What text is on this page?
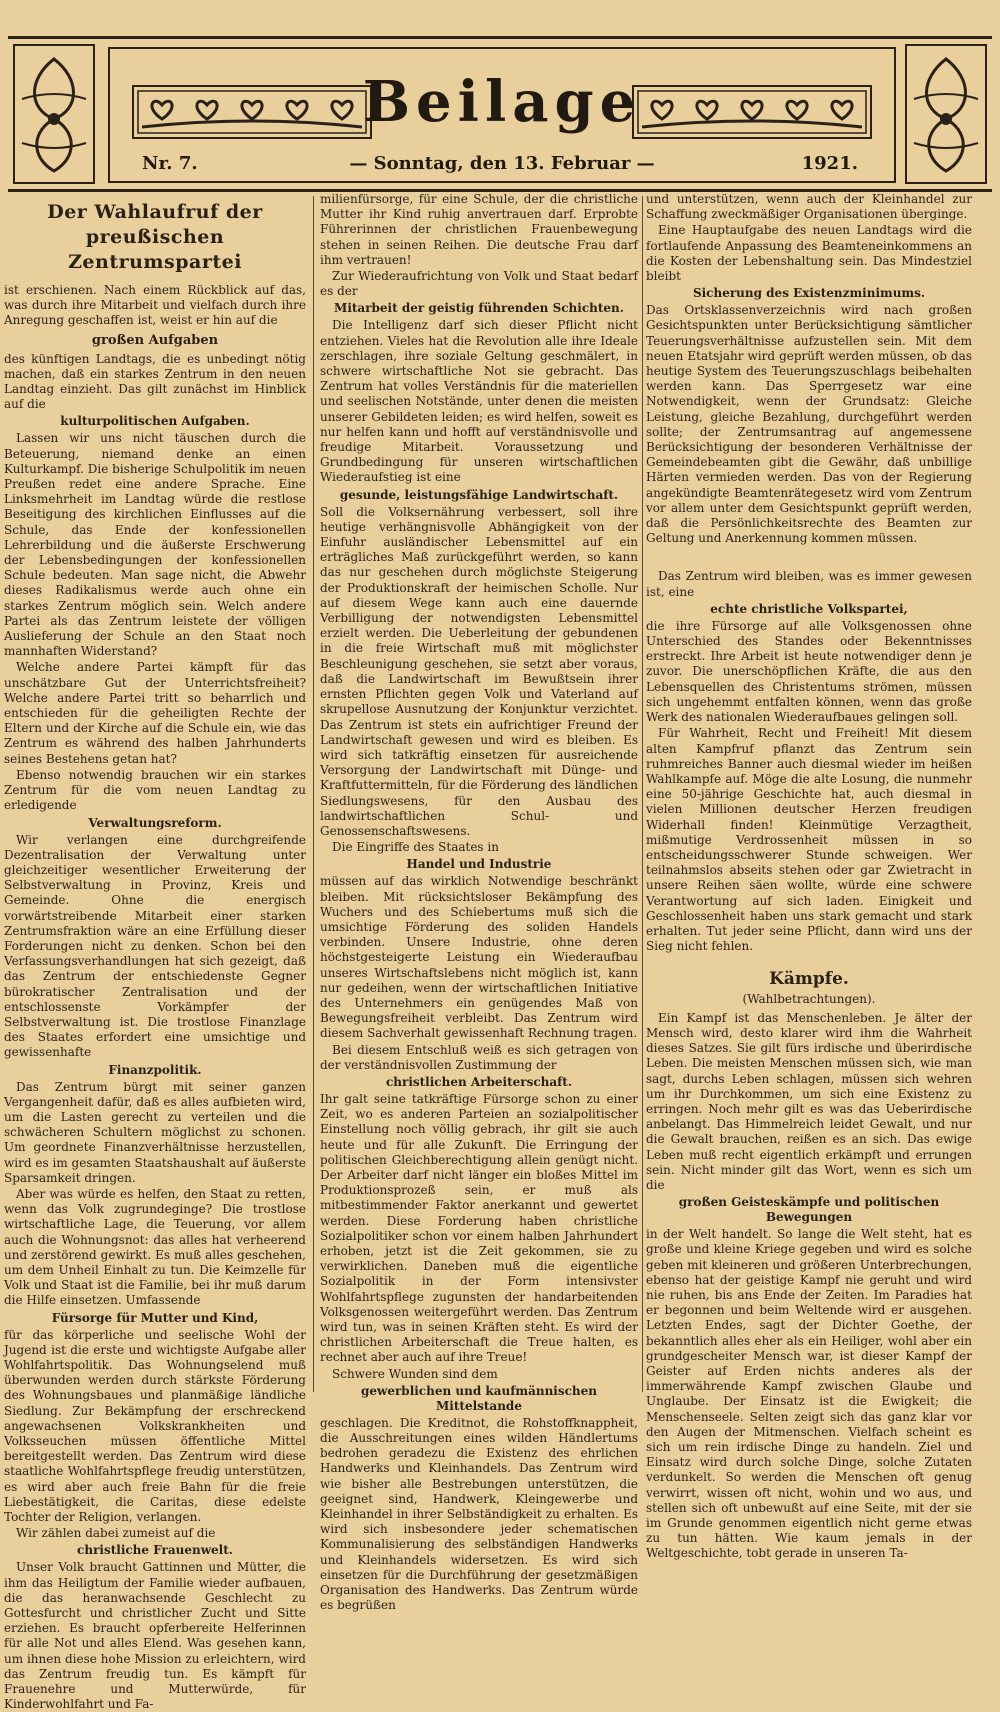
Beilage
Nr. 7.	— Sonntag, den 13. Februar —	1921.
Der Wahlaufruf der preußischen Zentrumspartei

ist erschienen. Nach einem Rückblick auf das, was durch ihre Mitarbeit und vielfach durch ihre Anregung geschaffen ist, weist er hin auf die

großen Aufgaben

des künftigen Landtags, die es unbedingt nötig machen, daß ein starkes Zentrum in den neuen Landtag einzieht. Das gilt zunächst im Hinblick auf die

kulturpolitischen Aufgaben.

Lassen wir uns nicht täuschen durch die Beteuerung, niemand denke an einen Kulturkampf. Die bisherige Schulpolitik im neuen Preußen redet eine andere Sprache. Eine Linksmehrheit im Landtag würde die restlose Beseitigung des kirchlichen Einflusses auf die Schule, das Ende der konfessionellen Lehrerbildung und die äußerste Erschwerung der Lebensbedingungen der konfessionellen Schule bedeuten. Man sage nicht, die Abwehr dieses Radikalismus werde auch ohne ein starkes Zentrum möglich sein. Welch andere Partei als das Zentrum leistete der völligen Auslieferung der Schule an den Staat noch mannhaften Widerstand?

Welche andere Partei kämpft für das unschätzbare Gut der Unterrichtsfreiheit? Welche andere Partei tritt so beharrlich und entschieden für die geheiligten Rechte der Eltern und der Kirche auf die Schule ein, wie das Zentrum es während des halben Jahrhunderts seines Bestehens getan hat?

Ebenso notwendig brauchen wir ein starkes Zentrum für die vom neuen Landtag zu erledigende

Verwaltungsreform.

Wir verlangen eine durchgreifende Dezentralisation der Verwaltung unter gleichzeitiger wesentlicher Erweiterung der Selbstverwaltung in Provinz, Kreis und Gemeinde. Ohne die energisch vorwärtstreibende Mitarbeit einer starken Zentrumsfraktion wäre an eine Erfüllung dieser Forderungen nicht zu denken. Schon bei den Verfassungsverhandlungen hat sich gezeigt, daß das Zentrum der entschiedenste Gegner bürokratischer Zentralisation und der entschlossenste Vorkämpfer der Selbstverwaltung ist. Die trostlose Finanzlage des Staates erfordert eine umsichtige und gewissenhafte

Finanzpolitik.

Das Zentrum bürgt mit seiner ganzen Vergangenheit dafür, daß es alles aufbieten wird, um die Lasten gerecht zu verteilen und die schwächeren Schultern möglichst zu schonen. Um geordnete Finanzverhältnisse herzustellen, wird es im gesamten Staatshaushalt auf äußerste Sparsamkeit dringen.

Aber was würde es helfen, den Staat zu retten, wenn das Volk zugrundeginge? Die trostlose wirtschaftliche Lage, die Teuerung, vor allem auch die Wohnungsnot: das alles hat verheerend und zerstörend gewirkt. Es muß alles geschehen, um dem Unheil Einhalt zu tun. Die Keimzelle für Volk und Staat ist die Familie, bei ihr muß darum die Hilfe einsetzen. Umfassende

Fürsorge für Mutter und Kind,

für das körperliche und seelische Wohl der Jugend ist die erste und wichtigste Aufgabe aller Wohlfahrtspolitik. Das Wohnungselend muß überwunden werden durch stärkste Förderung des Wohnungsbaues und planmäßige ländliche Siedlung. Zur Bekämpfung der erschreckend angewachsenen Volkskrankheiten und Volksseuchen müssen öffentliche Mittel bereitgestellt werden. Das Zentrum wird diese staatliche Wohlfahrtspflege freudig unterstützen, es wird aber auch freie Bahn für die freie Liebestätigkeit, die Caritas, diese edelste Tochter der Religion, verlangen.

Wir zählen dabei zumeist auf die

christliche Frauenwelt.

Unser Volk braucht Gattinnen und Mütter, die ihm das Heiligtum der Familie wieder aufbauen, die das heranwachsende Geschlecht zu Gottesfurcht und christlicher Zucht und Sitte erziehen. Es braucht opferbereite Helferinnen für alle Not und alles Elend. Was gesehen kann, um ihnen diese hohe Mission zu erleichtern, wird das Zentrum freudig tun. Es kämpft für Frauenehre und Mutterwürde, für Kinderwohlfahrt und Fa-

milienfürsorge, für eine Schule, der die christliche Mutter ihr Kind ruhig anvertrauen darf. Erprobte Führerinnen der christlichen Frauenbewegung stehen in seinen Reihen. Die deutsche Frau darf ihm vertrauen!

Zur Wiederaufrichtung von Volk und Staat bedarf es der

Mitarbeit der geistig führenden Schichten.

Die Intelligenz darf sich dieser Pflicht nicht entziehen. Vieles hat die Revolution alle ihre Ideale zerschlagen, ihre soziale Geltung geschmälert, in schwere wirtschaftliche Not sie gebracht. Das Zentrum hat volles Verständnis für die materiellen und seelischen Notstände, unter denen die meisten unserer Gebildeten leiden; es wird helfen, soweit es nur helfen kann und hofft auf verständnisvolle und freudige Mitarbeit. Voraussetzung und Grundbedingung für unseren wirtschaftlichen Wiederaufstieg ist eine

gesunde, leistungsfähige Landwirtschaft.

Soll die Volksernährung verbessert, soll ihre heutige verhängnisvolle Abhängigkeit von der Einfuhr ausländischer Lebensmittel auf ein erträgliches Maß zurückgeführt werden, so kann das nur geschehen durch möglichste Steigerung der Produktionskraft der heimischen Scholle. Nur auf diesem Wege kann auch eine dauernde Verbilligung der notwendigsten Lebensmittel erzielt werden. Die Ueberleitung der gebundenen in die freie Wirtschaft muß mit möglichster Beschleunigung geschehen, sie setzt aber voraus, daß die Landwirtschaft im Bewußtsein ihrer ernsten Pflichten gegen Volk und Vaterland auf skrupellose Ausnutzung der Konjunktur verzichtet. Das Zentrum ist stets ein aufrichtiger Freund der Landwirtschaft gewesen und wird es bleiben. Es wird sich tatkräftig einsetzen für ausreichende Versorgung der Landwirtschaft mit Dünge- und Kraftfuttermitteln, für die Förderung des ländlichen Siedlungswesens, für den Ausbau des landwirtschaftlichen Schul- und Genossenschaftswesens.

Die Eingriffe des Staates in

Handel und Industrie

müssen auf das wirklich Notwendige beschränkt bleiben. Mit rücksichtsloser Bekämpfung des Wuchers und des Schiebertums muß sich die umsichtige Förderung des soliden Handels verbinden. Unsere Industrie, ohne deren höchstgesteigerte Leistung ein Wiederaufbau unseres Wirtschaftslebens nicht möglich ist, kann nur gedeihen, wenn der wirtschaftlichen Initiative des Unternehmers ein genügendes Maß von Bewegungsfreiheit verbleibt. Das Zentrum wird diesem Sachverhalt gewissenhaft Rechnung tragen.

Bei diesem Entschluß weiß es sich getragen von der verständnisvollen Zustimmung der

christlichen Arbeiterschaft.

Ihr galt seine tatkräftige Fürsorge schon zu einer Zeit, wo es anderen Parteien an sozialpolitischer Einstellung noch völlig gebrach, ihr gilt sie auch heute und für alle Zukunft. Die Erringung der politischen Gleichberechtigung allein genügt nicht. Der Arbeiter darf nicht länger ein bloßes Mittel im Produktionsprozeß sein, er muß als mitbestimmender Faktor anerkannt und gewertet werden. Diese Forderung haben christliche Sozialpolitiker schon vor einem halben Jahrhundert erhoben, jetzt ist die Zeit gekommen, sie zu verwirklichen. Daneben muß die eigentliche Sozialpolitik in der Form intensivster Wohlfahrtspflege zugunsten der handarbeitenden Volksgenossen weitergeführt werden. Das Zentrum wird tun, was in seinen Kräften steht. Es wird der christlichen Arbeiterschaft die Treue halten, es rechnet aber auch auf ihre Treue!

Schwere Wunden sind dem

gewerblichen und kaufmännischen Mittelstande

geschlagen. Die Kreditnot, die Rohstoffknappheit, die Ausschreitungen eines wilden Händlertums bedrohen geradezu die Existenz des ehrlichen Handwerks und Kleinhandels. Das Zentrum wird wie bisher alle Bestrebungen unterstützen, die geeignet sind, Handwerk, Kleingewerbe und Kleinhandel in ihrer Selbständigkeit zu erhalten. Es wird sich insbesondere jeder schematischen Kommunalisierung des selbständigen Handwerks und Kleinhandels widersetzen. Es wird sich einsetzen für die Durchführung der gesetzmäßigen Organisation des Handwerks. Das Zentrum würde es begrüßen

und unterstützen, wenn auch der Kleinhandel zur Schaffung zweckmäßiger Organisationen überginge.

Eine Hauptaufgabe des neuen Landtags wird die fortlaufende Anpassung des Beamteneinkommens an die Kosten der Lebenshaltung sein. Das Mindestziel bleibt

Sicherung des Existenzminimums.

Das Ortsklassenverzeichnis wird nach großen Gesichtspunkten unter Berücksichtigung sämtlicher Teuerungsverhältnisse aufzustellen sein. Mit dem neuen Etatsjahr wird geprüft werden müssen, ob das heutige System des Teuerungszuschlags beibehalten werden kann. Das Sperrgesetz war eine Notwendigkeit, wenn der Grundsatz: Gleiche Leistung, gleiche Bezahlung, durchgeführt werden sollte; der Zentrumsantrag auf angemessene Berücksichtigung der besonderen Verhältnisse der Gemeindebeamten gibt die Gewähr, daß unbillige Härten vermieden werden. Das von der Regierung angekündigte Beamtenrätegesetz wird vom Zentrum vor allem unter dem Gesichtspunkt geprüft werden, daß die Persönlichkeitsrechte des Beamten zur Geltung und Anerkennung kommen müssen.

Das Zentrum wird bleiben, was es immer gewesen ist, eine

echte christliche Volkspartei,

die ihre Fürsorge auf alle Volksgenossen ohne Unterschied des Standes oder Bekenntnisses erstreckt. Ihre Arbeit ist heute notwendiger denn je zuvor. Die unerschöpflichen Kräfte, die aus den Lebensquellen des Christentums strömen, müssen sich ungehemmt entfalten können, wenn das große Werk des nationalen Wiederaufbaues gelingen soll.

Für Wahrheit, Recht und Freiheit! Mit diesem alten Kampfruf pflanzt das Zentrum sein ruhmreiches Banner auch diesmal wieder im heißen Wahlkampfe auf. Möge die alte Losung, die nunmehr eine 50-jährige Geschichte hat, auch diesmal in vielen Millionen deutscher Herzen freudigen Widerhall finden! Kleinmütige Verzagtheit, mißmutige Verdrossenheit müssen in so entscheidungsschwerer Stunde schweigen. Wer teilnahmslos abseits stehen oder gar Zwietracht in unsere Reihen säen wollte, würde eine schwere Verantwortung auf sich laden. Einigkeit und Geschlossenheit haben uns stark gemacht und stark erhalten. Tut jeder seine Pflicht, dann wird uns der Sieg nicht fehlen.

Kämpfe.
(Wahlbetrachtungen).

Ein Kampf ist das Menschenleben. Je älter der Mensch wird, desto klarer wird ihm die Wahrheit dieses Satzes. Sie gilt fürs irdische und überirdische Leben. Die meisten Menschen müssen sich, wie man sagt, durchs Leben schlagen, müssen sich wehren um ihr Durchkommen, um sich eine Existenz zu erringen. Noch mehr gilt es was das Ueberirdische anbelangt. Das Himmelreich leidet Gewalt, und nur die Gewalt brauchen, reißen es an sich. Das ewige Leben muß recht eigentlich erkämpft und errungen sein. Nicht minder gilt das Wort, wenn es sich um die

großen Geisteskämpfe und politischen Bewegungen

in der Welt handelt. So lange die Welt steht, hat es große und kleine Kriege gegeben und wird es solche geben mit kleineren und größeren Unterbrechungen, ebenso hat der geistige Kampf nie geruht und wird nie ruhen, bis ans Ende der Zeiten. Im Paradies hat er begonnen und beim Weltende wird er ausgehen. Letzten Endes, sagt der Dichter Goethe, der bekanntlich alles eher als ein Heiliger, wohl aber ein grundgescheiter Mensch war, ist dieser Kampf der Geister auf Erden nichts anderes als der immerwährende Kampf zwischen Glaube und Unglaube. Der Einsatz ist die Ewigkeit; die Menschenseele. Selten zeigt sich das ganz klar vor den Augen der Mitmenschen. Vielfach scheint es sich um rein irdische Dinge zu handeln. Ziel und Einsatz wird durch solche Dinge, solche Zutaten verdunkelt. So werden die Menschen oft genug verwirrt, wissen oft nicht, wohin und wo aus, und stellen sich oft unbewußt auf eine Seite, mit der sie im Grunde genommen eigentlich nicht gerne etwas zu tun hätten. Wie kaum jemals in der Weltgeschichte, tobt gerade in unseren Ta-
